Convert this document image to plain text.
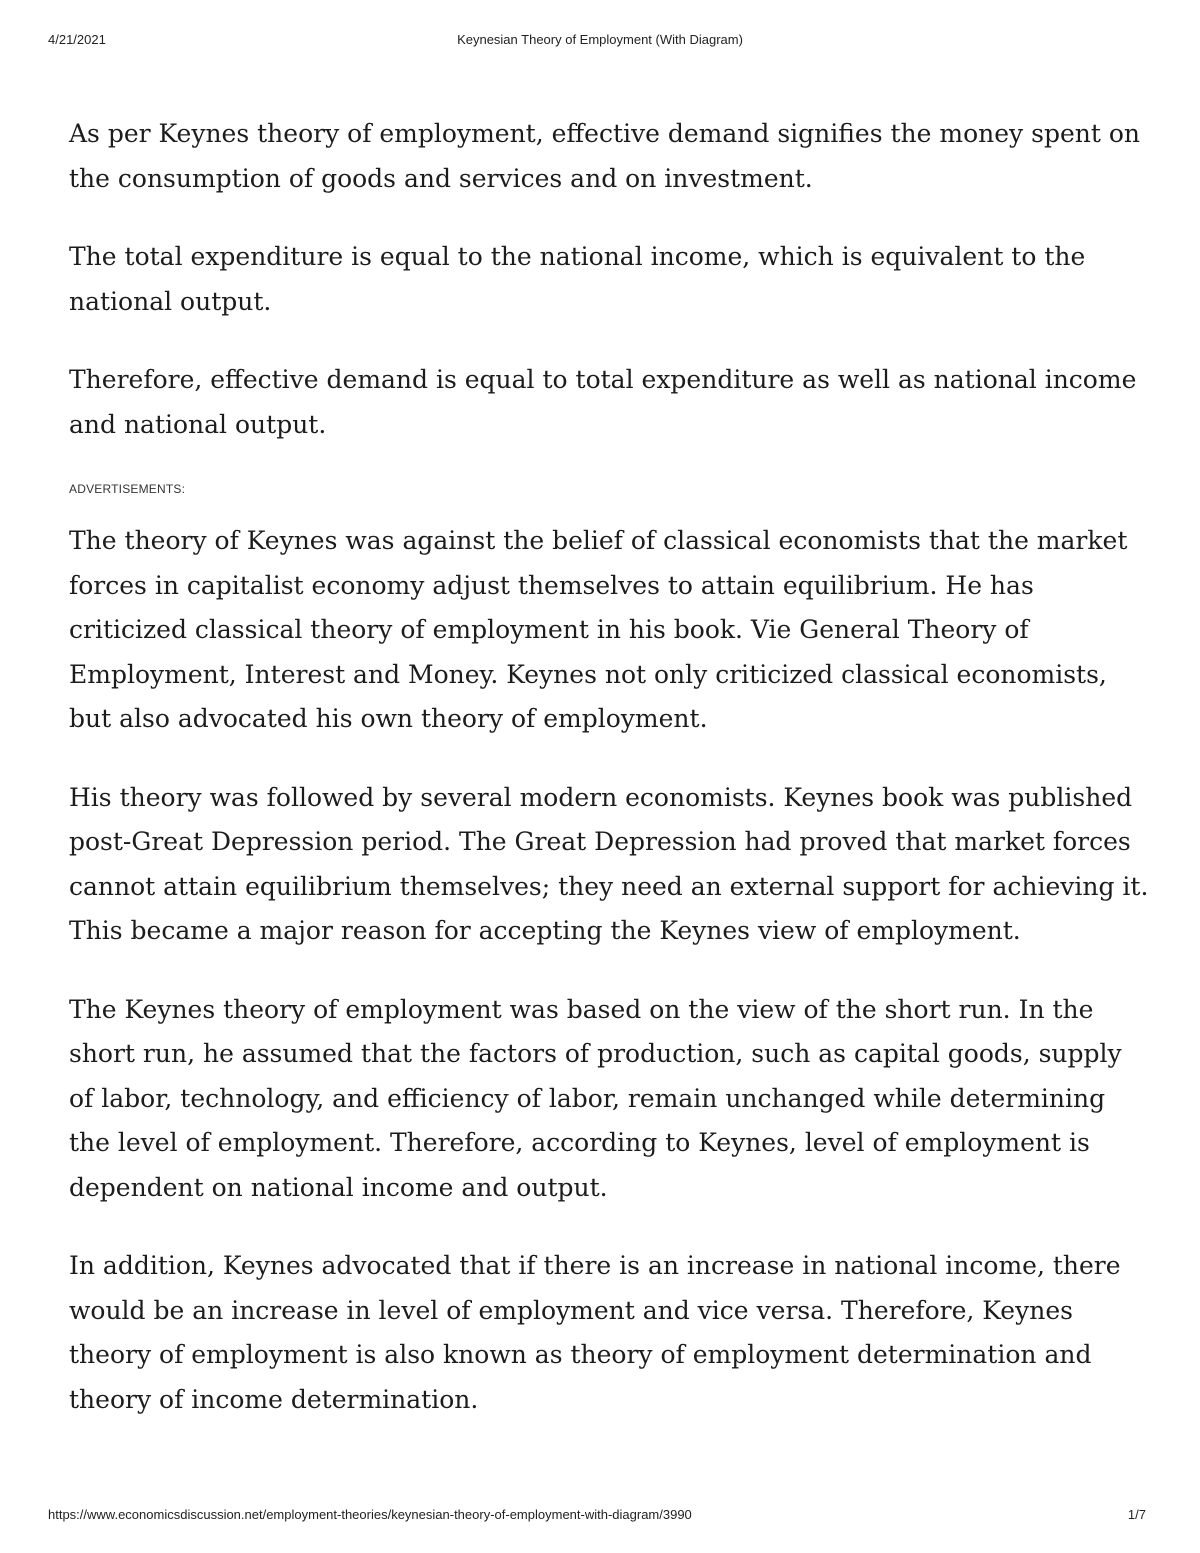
4/21/2021	Keynesian Theory of Employment (With Diagram)

As per Keynes theory of employment, effective demand signifies the money spent on the consumption of goods and services and on investment.

The total expenditure is equal to the national income, which is equivalent to the national output.

Therefore, effective demand is equal to total expenditure as well as national income and national output.

ADVERTISEMENTS:

The theory of Keynes was against the belief of classical economists that the market forces in capitalist economy adjust themselves to attain equilibrium. He has criticized classical theory of employment in his book. Vie General Theory of Employment, Interest and Money. Keynes not only criticized classical economists, but also advocated his own theory of employment.

His theory was followed by several modern economists. Keynes book was published post-Great Depression period. The Great Depression had proved that market forces cannot attain equilibrium themselves; they need an external support for achieving it. This became a major reason for accepting the Keynes view of employment.

The Keynes theory of employment was based on the view of the short run. In the short run, he assumed that the factors of production, such as capital goods, supply of labor, technology, and efficiency of labor, remain unchanged while determining the level of employment. Therefore, according to Keynes, level of employment is dependent on national income and output.

In addition, Keynes advocated that if there is an increase in national income, there would be an increase in level of employment and vice versa. Therefore, Keynes theory of employment is also known as theory of employment determination and theory of income determination.

https://www.economicsdiscussion.net/employment-theories/keynesian-theory-of-employment-with-diagram/3990	1/7
